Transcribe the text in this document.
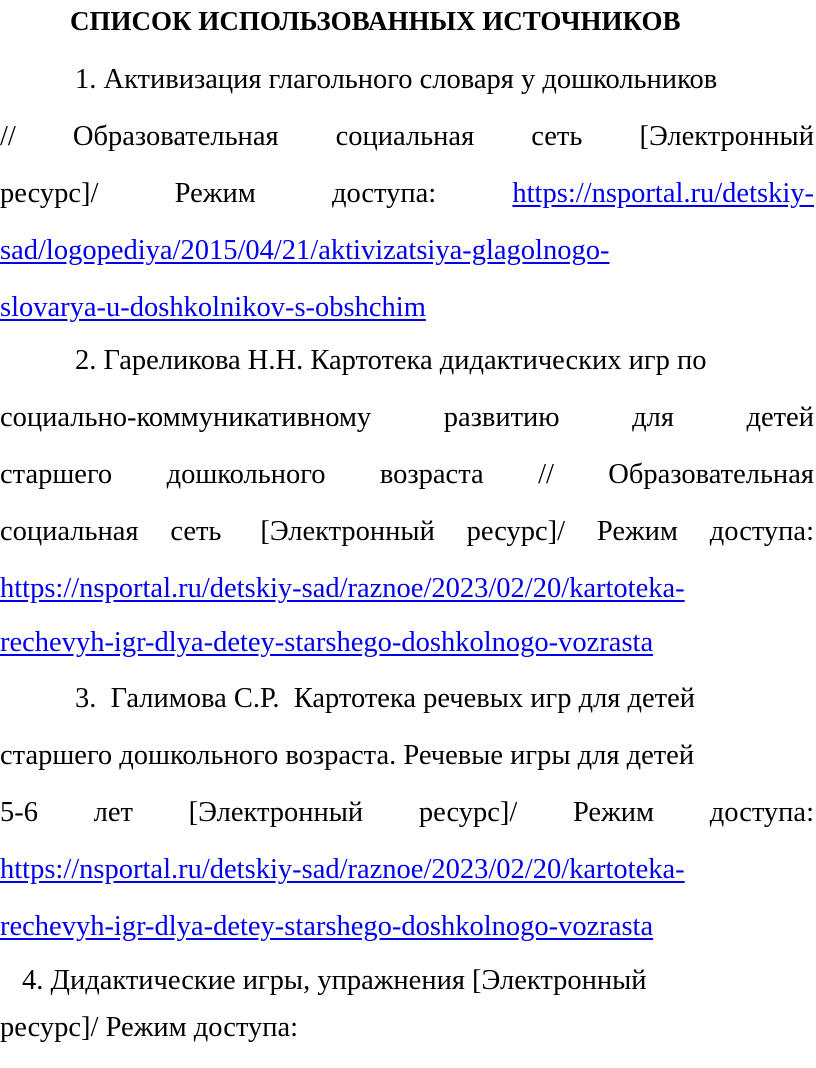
СПИСОК ИСПОЛЬЗОВАННЫХ ИСТОЧНИКОВ
1. Активизация глагольного словаря у дошкольников
// Образовательная социальная сеть [Электронный
ресурс]/	Режим	доступа:	https://nsportal.ru/detskiy-
sad/logopediya/2015/04/21/aktivizatsiya-glagolnogo-
slovarya-u-doshkolnikov-s-obshchim
2. Гареликова Н.Н. Картотека дидактических игр по
социально-коммуникативному	развитию	для	детей
старшего дошкольного возраста // Образовательная
социальная сеть [Электронный ресурс]/ Режим доступа:
https://nsportal.ru/detskiy-sad/raznoe/2023/02/20/kartoteka-
rechevyh-igr-dlya-detey-starshego-doshkolnogo-vozrasta
3.  Галимова С.Р.  Картотека речевых игр для детей
старшего дошкольного возраста. Речевые игры для детей
5-6 лет [Электронный ресурс]/ Режим доступа:
https://nsportal.ru/detskiy-sad/raznoe/2023/02/20/kartoteka-
rechevyh-igr-dlya-detey-starshego-doshkolnogo-vozrasta
4. Дидактические игры, упражнения [Электронный
ресурс]/ Режим доступа:
